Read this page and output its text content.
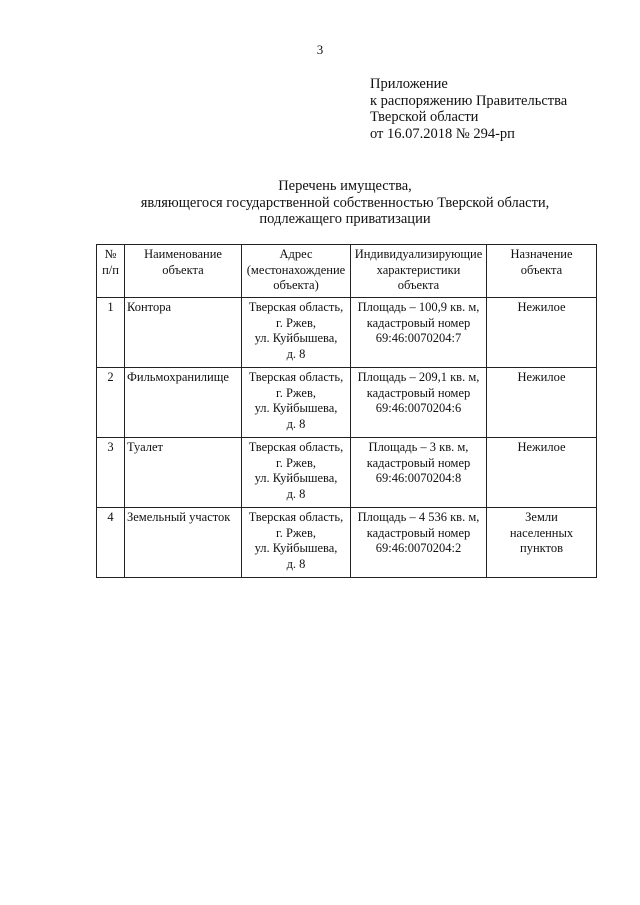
3
Приложение
к распоряжению Правительства
Тверской области
от 16.07.2018 № 294-рп
Перечень имущества,
являющегося государственной собственностью Тверской области,
подлежащего приватизации
№
п/п	Наименование
объекта	Адрес
(местонахождение
объекта)	Индивидуализирующие
характеристики
объекта	Назначение
объекта

1	Контора	Тверская область,
г. Ржев,
ул. Куйбышева,
д. 8	Площадь – 100,9 кв. м,
кадастровый номер
69:46:0070204:7	Нежилое

2	Фильмохранилище	Тверская область,
г. Ржев,
ул. Куйбышева,
д. 8	Площадь – 209,1 кв. м,
кадастровый номер
69:46:0070204:6	Нежилое

3	Туалет	Тверская область,
г. Ржев,
ул. Куйбышева,
д. 8	Площадь – 3 кв. м,
кадастровый номер
69:46:0070204:8	Нежилое

4	Земельный участок	Тверская область,
г. Ржев,
ул. Куйбышева,
д. 8	Площадь – 4 536 кв. м,
кадастровый номер
69:46:0070204:2	Земли
населенных
пунктов
